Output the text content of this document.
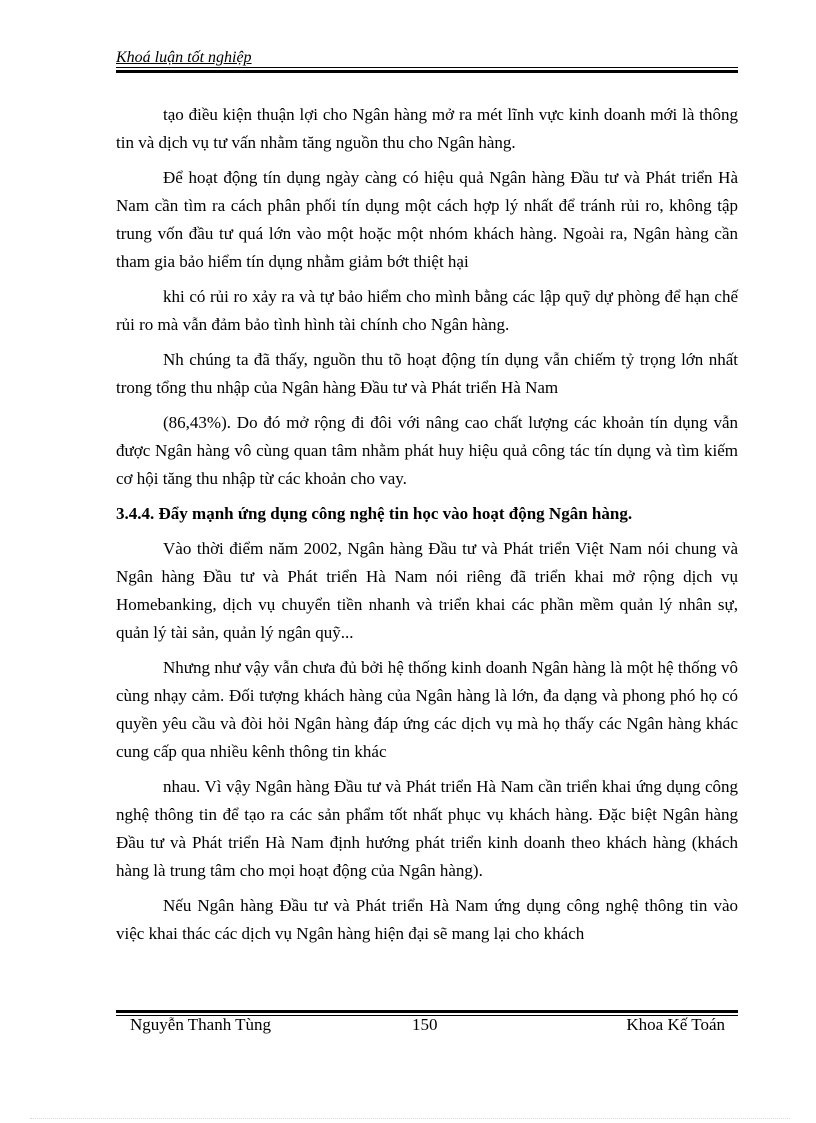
Khoá luận tốt nghiệp

tạo điều kiện thuận lợi cho Ngân hàng mở ra mét lĩnh vực kinh doanh mới là thông tin và dịch vụ tư vấn nhằm tăng nguồn thu cho Ngân hàng.

Để hoạt động tín dụng ngày càng có hiệu quả Ngân hàng Đầu tư và Phát triển Hà Nam cần tìm ra cách phân phối tín dụng một cách hợp lý nhất để tránh rủi ro, không tập trung vốn đầu tư quá lớn vào một hoặc một nhóm khách hàng. Ngoài ra, Ngân hàng cần tham gia bảo hiểm tín dụng nhằm giảm bớt thiệt hại

khi có rủi ro xảy ra và tự bảo hiểm cho mình bằng các lập quỹ dự phòng để hạn chế rủi ro mà vẫn đảm bảo tình hình tài chính cho Ngân hàng.

Nh chúng ta đã thấy, nguồn thu tõ hoạt động tín dụng vẫn chiếm tỷ trọng lớn nhất trong tổng thu nhập của Ngân hàng Đầu tư và Phát triển Hà Nam

(86,43%). Do đó mở rộng đi đôi với nâng cao chất lượng các khoản tín dụng vẫn được Ngân hàng vô cùng quan tâm nhằm phát huy hiệu quả công tác tín dụng và tìm kiếm cơ hội tăng thu nhập từ các khoản cho vay.

3.4.4. Đẩy mạnh ứng dụng công nghệ tin học vào hoạt động Ngân hàng.

Vào thời điểm năm 2002, Ngân hàng Đầu tư và Phát triển Việt Nam nói chung và Ngân hàng Đầu tư và Phát triển Hà Nam nói riêng đã triển khai mở rộng dịch vụ Homebanking, dịch vụ chuyển tiền nhanh và triển khai các phần mềm quản lý nhân sự, quản lý tài sản, quản lý ngân quỹ...

Nhưng như vậy vẫn chưa đủ bởi hệ thống kinh doanh Ngân hàng là một hệ thống vô cùng nhạy cảm. Đối tượng khách hàng của Ngân hàng là lớn, đa dạng và phong phó họ có quyền yêu cầu và đòi hỏi Ngân hàng đáp ứng các dịch vụ mà họ thấy các Ngân hàng khác cung cấp qua nhiều kênh thông tin khác

nhau. Vì vậy Ngân hàng Đầu tư và Phát triển Hà Nam cần triển khai ứng dụng công nghệ thông tin để tạo ra các sản phẩm tốt nhất phục vụ khách hàng. Đặc biệt Ngân hàng Đầu tư và Phát triển Hà Nam định hướng phát triển kinh doanh theo khách hàng (khách hàng là trung tâm cho mọi hoạt động của Ngân hàng).

Nếu Ngân hàng Đầu tư và Phát triển Hà Nam ứng dụng công nghệ thông tin vào việc khai thác các dịch vụ Ngân hàng hiện đại sẽ mang lại cho khách

Nguyễn Thanh Tùng	150	Khoa Kế Toán
